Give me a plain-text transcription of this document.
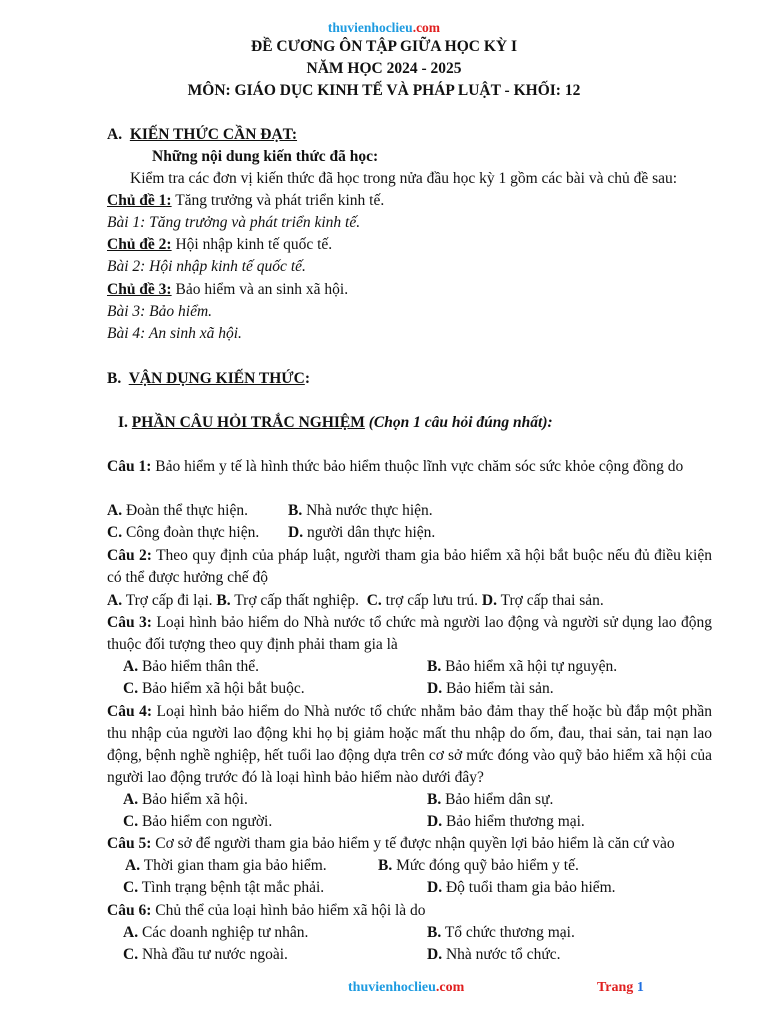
thuvienhoclieu.com
ĐỀ CƯƠNG ÔN TẬP GIỮA HỌC KỲ I
NĂM HỌC 2024 - 2025
MÔN: GIÁO DỤC KINH TẾ VÀ PHÁP LUẬT - KHỐI: 12
A. KIẾN THỨC CẦN ĐẠT:
Những nội dung kiến thức đã học:
Kiểm tra các đơn vị kiến thức đã học trong nửa đầu học kỳ 1 gồm các bài và chủ đề sau:
Chủ đề 1: Tăng trưởng và phát triển kinh tế.
Bài 1: Tăng trưởng và phát triển kinh tế.
Chủ đề 2: Hội nhập kinh tế quốc tế.
Bài 2: Hội nhập kinh tế quốc tế.
Chủ đề 3: Bảo hiểm và an sinh xã hội.
Bài 3: Bảo hiểm.
Bài 4: An sinh xã hội.
B. VẬN DỤNG KIẾN THỨC:
I. PHẦN CÂU HỎI TRẮC NGHIỆM (Chọn 1 câu hỏi đúng nhất):
Câu 1: Bảo hiểm y tế là hình thức bảo hiểm thuộc lĩnh vực chăm sóc sức khỏe cộng đồng do
A. Đoàn thể thực hiện.	B. Nhà nước thực hiện.
C. Công đoàn thực hiện. D. người dân thực hiện.
Câu 2: Theo quy định của pháp luật, người tham gia bảo hiểm xã hội bắt buộc nếu đủ điều kiện có thể được hưởng chế độ
A. Trợ cấp đi lại. B. Trợ cấp thất nghiệp. C. trợ cấp lưu trú. D. Trợ cấp thai sản.
Câu 3: Loại hình bảo hiểm do Nhà nước tổ chức mà người lao động và người sử dụng lao động thuộc đối tượng theo quy định phải tham gia là
A. Bảo hiểm thân thể.	B. Bảo hiểm xã hội tự nguyện.
C. Bảo hiểm xã hội bắt buộc.	D. Bảo hiểm tài sản.
Câu 4: Loại hình bảo hiểm do Nhà nước tổ chức nhằm bảo đảm thay thế hoặc bù đắp một phần thu nhập của người lao động khi họ bị giảm hoặc mất thu nhập do ốm, đau, thai sản, tai nạn lao động, bệnh nghề nghiệp, hết tuổi lao động dựa trên cơ sở mức đóng vào quỹ bảo hiểm xã hội của người lao động trước đó là loại hình bảo hiểm nào dưới đây?
A. Bảo hiểm xã hội.	B. Bảo hiểm dân sự.
C. Bảo hiểm con người.	D. Bảo hiểm thương mại.
Câu 5: Cơ sở để người tham gia bảo hiểm y tế được nhận quyền lợi bảo hiểm là căn cứ vào
A. Thời gian tham gia bảo hiểm.	B. Mức đóng quỹ bảo hiểm y tế.
C. Tình trạng bệnh tật mắc phải.	D. Độ tuổi tham gia bảo hiểm.
Câu 6: Chủ thể của loại hình bảo hiểm xã hội là do
A. Các doanh nghiệp tư nhân.	B. Tổ chức thương mại.
C. Nhà đầu tư nước ngoài.	D. Nhà nước tổ chức.
thuvienhoclieu.com	Trang 1
